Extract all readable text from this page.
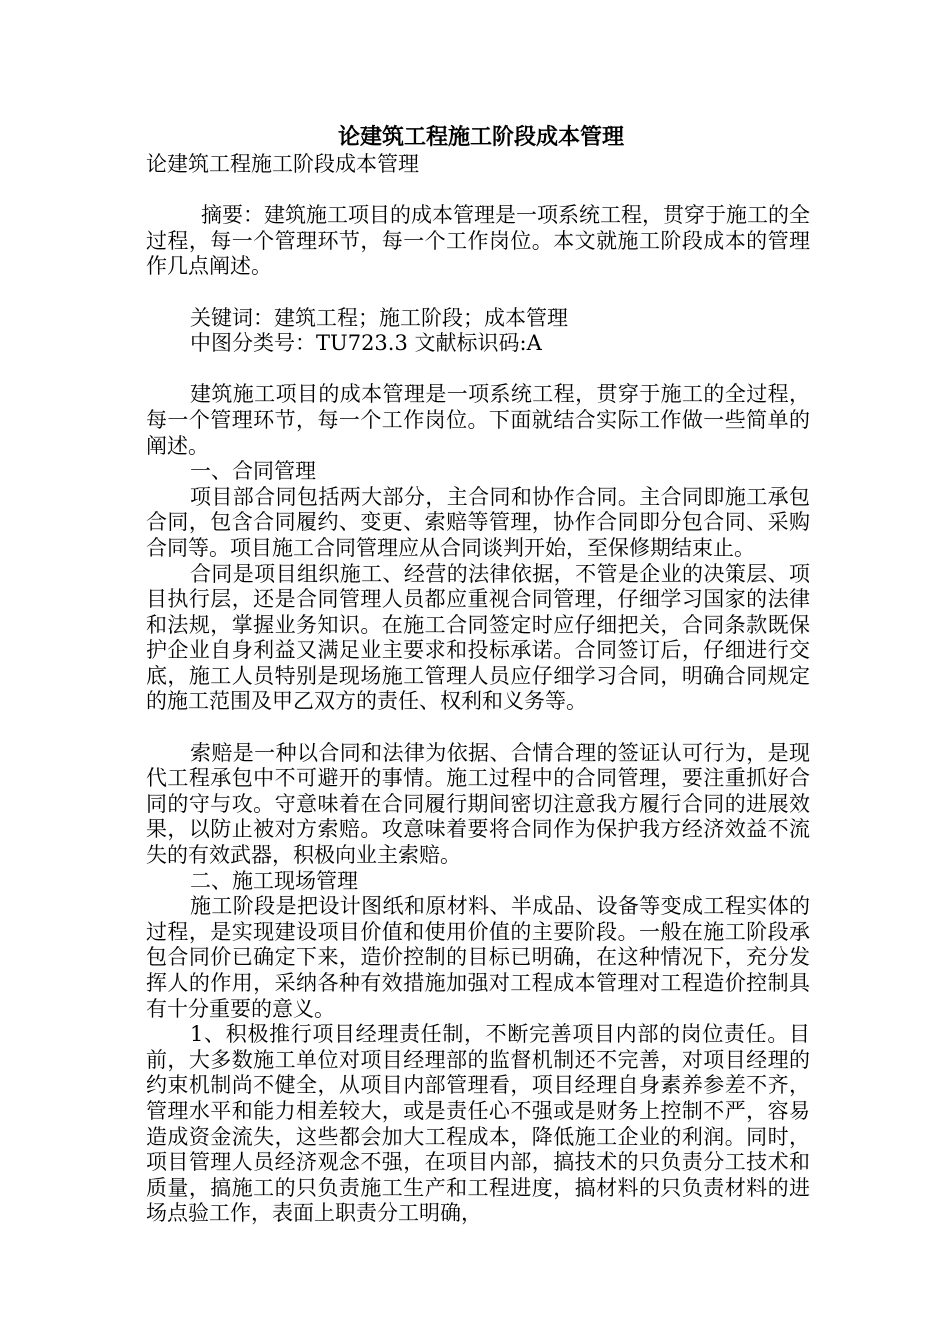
论建筑工程施工阶段成本管理

论建筑工程施工阶段成本管理

摘要：建筑施工项目的成本管理是一项系统工程，贯穿于施工的全过程，每一个管理环节，每一个工作岗位。本文就施工阶段成本的管理作几点阐述。

关键词：建筑工程；施工阶段；成本管理

中图分类号：TU723.3 文献标识码:A

建筑施工项目的成本管理是一项系统工程，贯穿于施工的全过程，每一个管理环节，每一个工作岗位。下面就结合实际工作做一些简单的阐述。

一、合同管理

项目部合同包括两大部分，主合同和协作合同。主合同即施工承包合同，包含合同履约、变更、索赔等管理，协作合同即分包合同、采购合同等。项目施工合同管理应从合同谈判开始，至保修期结束止。

合同是项目组织施工、经营的法律依据，不管是企业的决策层、项目执行层，还是合同管理人员都应重视合同管理，仔细学习国家的法律和法规，掌握业务知识。在施工合同签定时应仔细把关，合同条款既保护企业自身利益又满足业主要求和投标承诺。合同签订后，仔细进行交底，施工人员特别是现场施工管理人员应仔细学习合同，明确合同规定的施工范围及甲乙双方的责任、权利和义务等。

索赔是一种以合同和法律为依据、合情合理的签证认可行为，是现代工程承包中不可避开的事情。施工过程中的合同管理，要注重抓好合同的守与攻。守意味着在合同履行期间密切注意我方履行合同的进展效果，以防止被对方索赔。攻意味着要将合同作为保护我方经济效益不流失的有效武器，积极向业主索赔。

二、施工现场管理

施工阶段是把设计图纸和原材料、半成品、设备等变成工程实体的过程，是实现建设项目价值和使用价值的主要阶段。一般在施工阶段承包合同价已确定下来，造价控制的目标已明确，在这种情况下，充分发挥人的作用，采纳各种有效措施加强对工程成本管理对工程造价控制具有十分重要的意义。

1、积极推行项目经理责任制，不断完善项目内部的岗位责任。目前，大多数施工单位对项目经理部的监督机制还不完善，对项目经理的约束机制尚不健全，从项目内部管理看，项目经理自身素养参差不齐，管理水平和能力相差较大，或是责任心不强或是财务上控制不严，容易造成资金流失，这些都会加大工程成本，降低施工企业的利润。同时，项目管理人员经济观念不强，在项目内部，搞技术的只负责分工技术和质量，搞施工的只负责施工生产和工程进度，搞材料的只负责材料的进场点验工作，表面上职责分工明确，
